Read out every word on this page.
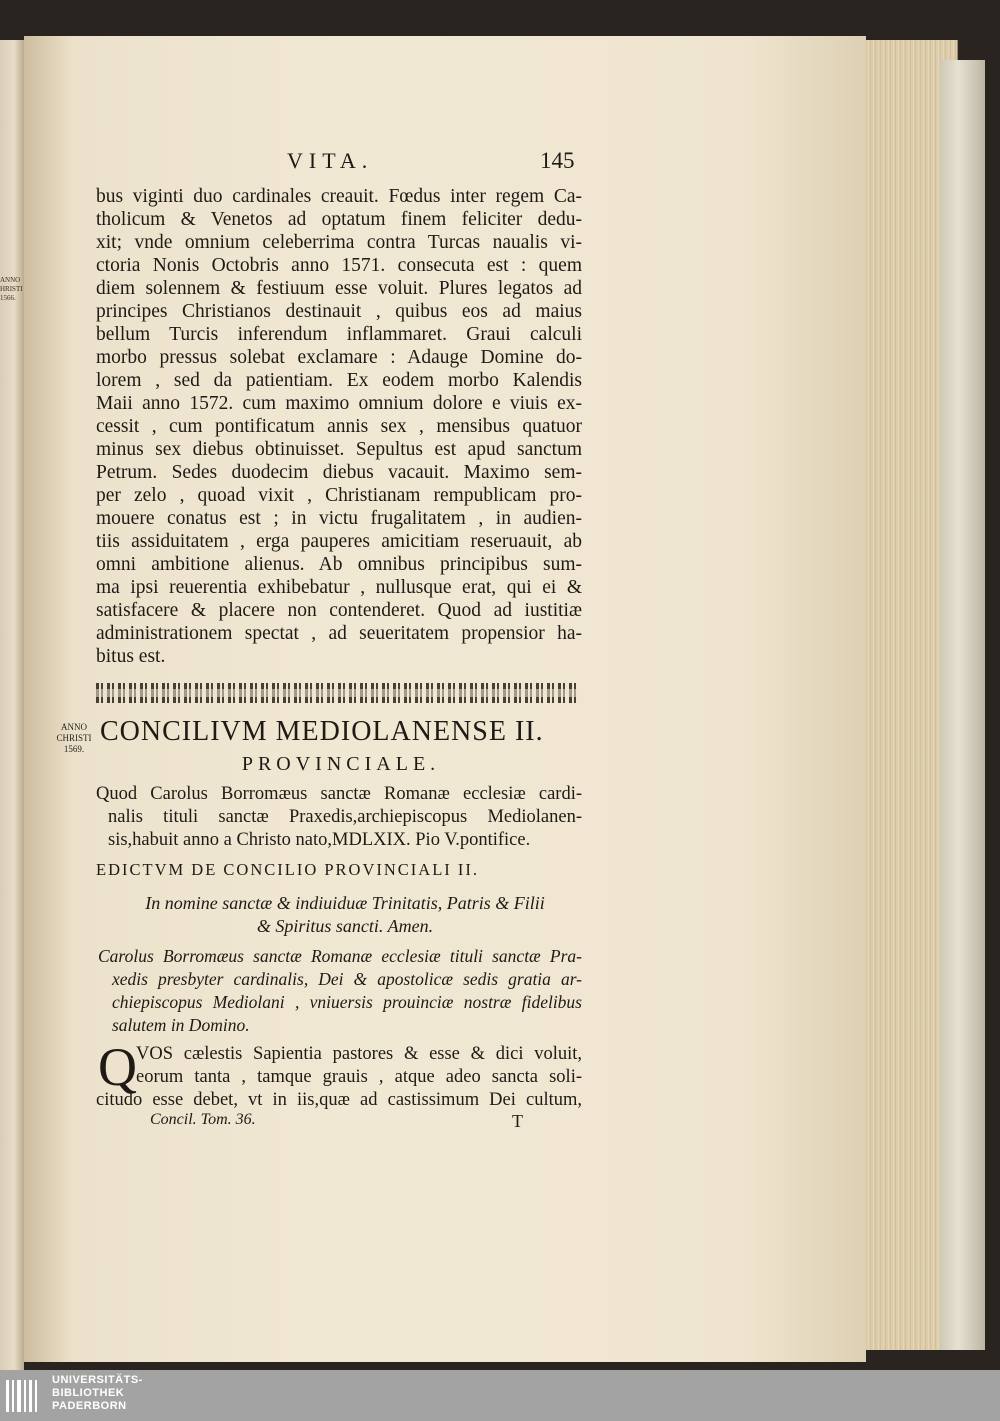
ANNO
HRISTI
1566.
VITA.	145
bus viginti duo cardinales creauit. Fœdus inter regem Ca-
tholicum & Venetos ad optatum finem feliciter dedu-
xit; vnde omnium celeberrima contra Turcas naualis vi-
ctoria Nonis Octobris anno 1571. consecuta est : quem
diem solennem & festiuum esse voluit. Plures legatos ad
principes Christianos destinauit , quibus eos ad maius
bellum Turcis inferendum inflammaret. Graui calculi
morbo pressus solebat exclamare : Adauge Domine do-
lorem , sed da patientiam. Ex eodem morbo Kalendis
Maii anno 1572. cum maximo omnium dolore e viuis ex-
cessit , cum pontificatum annis sex , mensibus quatuor
minus sex diebus obtinuisset. Sepultus est apud sanctum
Petrum. Sedes duodecim diebus vacauit. Maximo sem-
per zelo , quoad vixit , Christianam rempublicam pro-
mouere conatus est ; in victu frugalitatem , in audien-
tiis assiduitatem , erga pauperes amicitiam reseruauit, ab
omni ambitione alienus. Ab omnibus principibus sum-
ma ipsi reuerentia exhibebatur , nullusque erat, qui ei &
satisfacere & placere non contenderet. Quod ad iustitiæ
administrationem spectat , ad seueritatem propensior ha-
bitus est.
ANNO
CHRISTI
1569.
CONCILIVM MEDIOLANENSE II.
PROVINCIALE.
Quod Carolus Borromæus sanctæ Romanæ ecclesiæ cardi-
nalis tituli sanctæ Praxedis,archiepiscopus Mediolanen-
sis,habuit anno a Christo nato,MDLXIX. Pio V.pontifice.
EDICTVM DE CONCILIO PROVINCIALI II.
In nomine sanctæ & indiuiduæ Trinitatis, Patris & Filii
& Spiritus sancti. Amen.
Carolus Borromæus sanctæ Romanæ ecclesiæ tituli sanctæ Pra-
xedis presbyter cardinalis, Dei & apostolicæ sedis gratia ar-
chiepiscopus Mediolani , vniuersis prouinciæ nostræ fidelibus
salutem in Domino.
Q VOS cælestis Sapientia pastores & esse & dici voluit,
eorum tanta , tamque grauis , atque adeo sancta soli-
citudo esse debet, vt in iis,quæ ad castissimum Dei cultum,
Concil. Tom. 36.	T
UNIVERSITÄTS-
BIBLIOTHEK
PADERBORN
